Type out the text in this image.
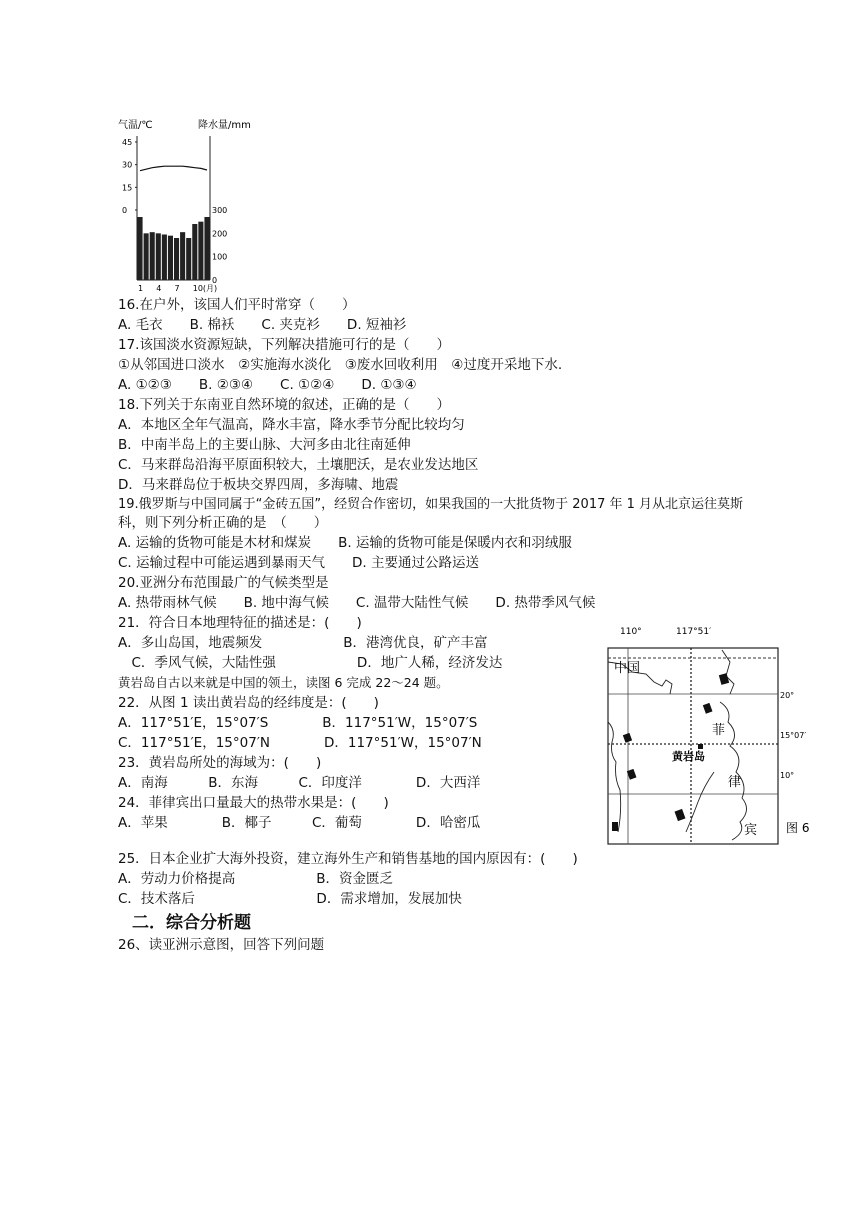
气温/℃	降水量/mm
45
30
15
0	300
200
100
0
1 4 7 10(月)
16.在户外，该国人们平时常穿（　　）
A. 毛衣　　B. 棉袄　　C. 夹克衫　　D. 短袖衫
17.该国淡水资源短缺，下列解决措施可行的是（　　）
①从邻国进口淡水　②实施海水淡化　③废水回收利用　④过度开采地下水.
A. ①②③　　B. ②③④　　C. ①②④　　D. ①③④
18.下列关于东南亚自然环境的叙述，正确的是（　　）
A．本地区全年气温高，降水丰富，降水季节分配比较均匀
B．中南半岛上的主要山脉、大河多由北往南延伸
C．马来群岛沿海平原面积较大，土壤肥沃，是农业发达地区
D．马来群岛位于板块交界四周，多海啸、地震
19.俄罗斯与中国同属于“金砖五国”，经贸合作密切，如果我国的一大批货物于 2017 年 1 月从北京运往莫斯
科，则下列分析正确的是　（　　）
A. 运输的货物可能是木材和煤炭　　B. 运输的货物可能是保暖内衣和羽绒服
C. 运输过程中可能运遇到暴雨天气　　D. 主要通过公路运送
20.亚洲分布范围最广的气候类型是
A. 热带雨林气候　　B. 地中海气候　　C. 温带大陆性气候　　D. 热带季风气候
21．符合日本地理特征的描述是：(　　)
A．多山岛国，地震频发　　　　　　B．港湾优良，矿产丰富
　C．季风气候，大陆性强　　　　　　D．地广人稀，经济发达
黄岩岛自古以来就是中国的领土，读图 6 完成 22～24 题。
22．从图 1 读出黄岩岛的经纬度是：(　　)
A．117°51′E，15°07′S　　　　B．117°51′W，15°07′S
C．117°51′E，15°07′N　　　　D．117°51′W，15°07′N
23．黄岩岛所处的海域为：(　　)
A．南海　　　B．东海　　　C．印度洋　　　　D．大西洋
24．菲律宾出口量最大的热带水果是：(　　)
A．苹果　　　　B．椰子　　　C．葡萄　　　　D．哈密瓜
25．日本企业扩大海外投资，建立海外生产和销售基地的国内原因有：(　　)
A．劳动力价格提高　　　　　　B．资金匮乏
C．技术落后　　　　　　　　　D．需求增加，发展加快
二．综合分析题
26、读亚洲示意图，回答下列问题
110°	117°51′
中国
菲
黄岩岛
律
宾
20°
15°07′
10°
图 6
